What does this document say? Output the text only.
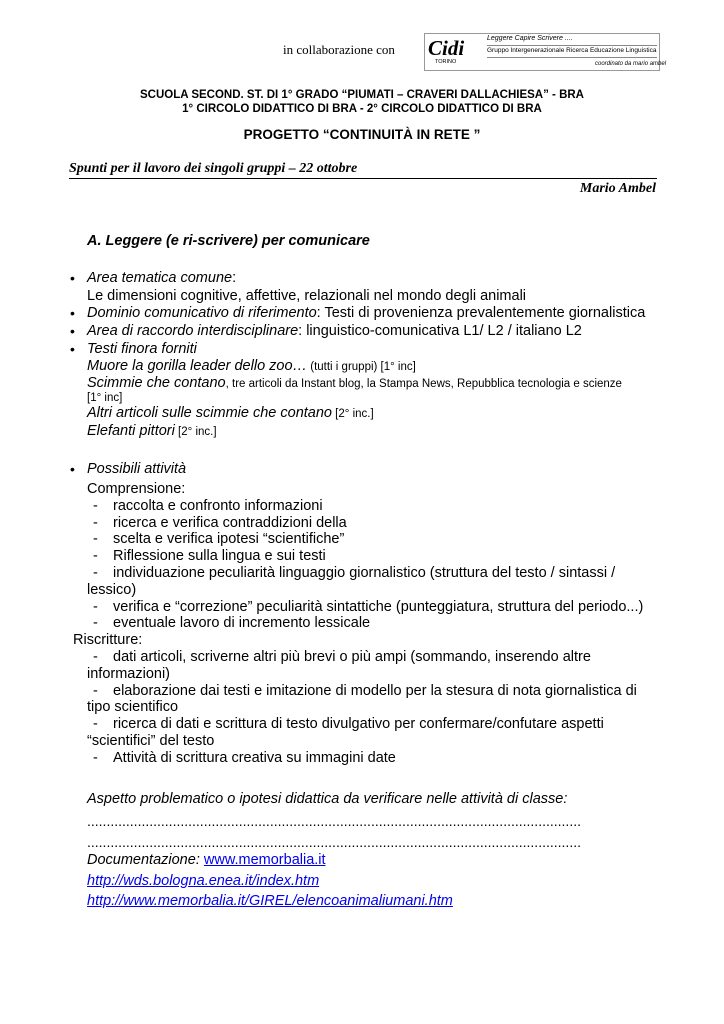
in collaborazione con Cidi
TORINO
Leggere Capire Scrivere ....
Gruppo Intergenerazionale Ricerca Educazione Linguistica
coordinato da mario ambel
SCUOLA SECOND. ST. DI 1° GRADO “PIUMATI – CRAVERI DALLACHIESA” - BRA
1° CIRCOLO DIDATTICO DI BRA - 2° CIRCOLO DIDATTICO DI BRA
PROGETTO “CONTINUITÀ IN RETE ”
Spunti per il lavoro dei singoli gruppi – 22 ottobre
Mario Ambel
A. Leggere (e ri-scrivere) per comunicare
• Area tematica comune:
Le dimensioni cognitive, affettive, relazionali nel mondo degli animali
• Dominio comunicativo di riferimento: Testi di provenienza prevalentemente giornalistica
• Area di raccordo interdisciplinare: linguistico-comunicativa L1/ L2 / italiano L2
• Testi finora forniti
Muore la gorilla leader dello zoo… (tutti i gruppi) [1° inc]
Scimmie che contano, tre articoli da Instant blog, la Stampa News, Repubblica tecnologia e scienze
[1° inc]
Altri articoli sulle scimmie che contano [2° inc.]
Elefanti pittori [2° inc.]
• Possibili attività
Comprensione:
- raccolta e confronto informazioni
- ricerca e verifica contraddizioni della
- scelta e verifica ipotesi “scientifiche”
- Riflessione sulla lingua e sui testi
- individuazione peculiarità linguaggio giornalistico (struttura del testo / sintassi /
lessico)
- verifica e “correzione” peculiarità sintattiche (punteggiatura, struttura del periodo...)
- eventuale lavoro di incremento lessicale
Riscritture:
- dati articoli, scriverne altri più brevi o più ampi (sommando, inserendo altre
informazioni)
- elaborazione dai testi e imitazione di modello per la stesura di nota giornalistica di
tipo scientifico
- ricerca di dati e scrittura di testo divulgativo per confermare/confutare aspetti
“scientifici” del testo
- Attività di scrittura creativa su immagini date
Aspetto problematico o ipotesi didattica da verificare nelle attività di classe:
...............................................................................................................................
...............................................................................................................................
Documentazione: www.memorbalia.it
http://wds.bologna.enea.it/index.htm
http://www.memorbalia.it/GIREL/elencoanimaliumani.htm
